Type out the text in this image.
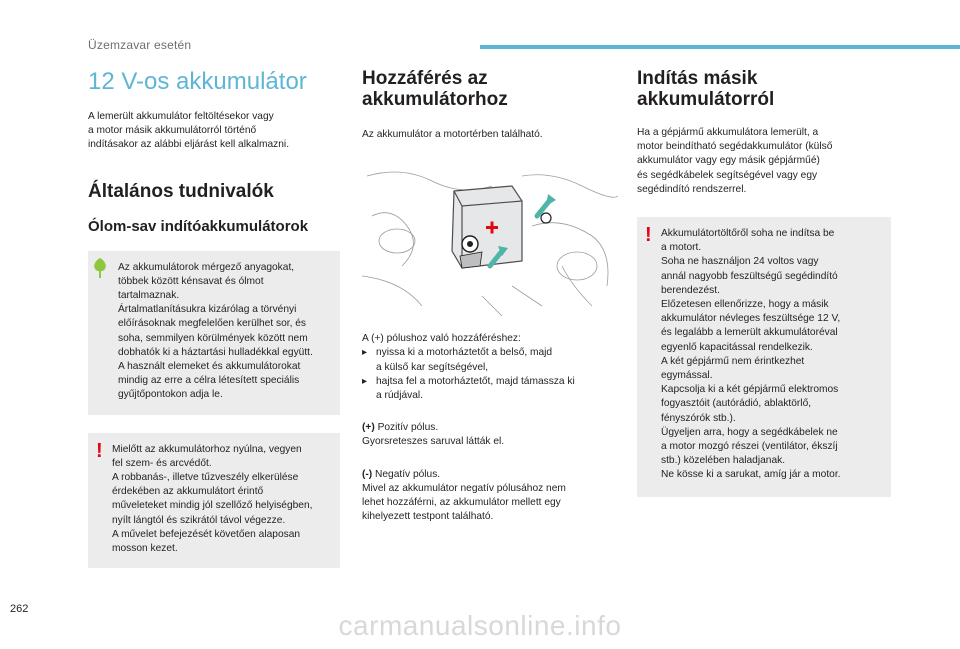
Üzemzavar esetén
12 V-os akkumulátor

A lemerült akkumulátor feltöltésekor vagy
a motor másik akkumulátorról történő
indításakor az alábbi eljárást kell alkalmazni.

Általános tudnivalók
Ólom-sav indítóakkumulátorok

Az akkumulátorok mérgező anyagokat,
többek között kénsavat és ólmot
tartalmaznak.
Ártalmatlanításukra kizárólag a törvényi
előírásoknak megfelelően kerülhet sor, és
soha, semmilyen körülmények között nem
dobhatók ki a háztartási hulladékkal együtt.
A használt elemeket és akkumulátorokat
mindig az erre a célra létesített speciális
gyűjtőpontokon adja le.

! Mielőtt az akkumulátorhoz nyúlna, vegyen
fel szem- és arcvédőt.
A robbanás-, illetve tűzveszély elkerülése
érdekében az akkumulátort érintő
műveleteket mindig jól szellőző helyiségben,
nyílt lángtól és szikrától távol végezze.
A művelet befejezését követően alaposan
mosson kezet.

Hozzáférés az akkumulátorhoz

Az akkumulátor a motortérben található.

A (+) pólushoz való hozzáféréshez:

▸ nyissa ki a motorháztetőt a belső, majd
a külső kar segítségével,
▸ hajtsa fel a motorháztetőt, majd támassza ki
a rúdjával.

(+) Pozitív pólus.
Gyorsreteszes saruval látták el.

(-) Negatív pólus.
Mivel az akkumulátor negatív pólusához nem
lehet hozzáférni, az akkumulátor mellett egy
kihelyezett testpont található.

Indítás másik
akkumulátorról

Ha a gépjármű akkumulátora lemerült, a
motor beindítható segédakkumulátor (külső
akkumulátor vagy egy másik gépjárműé)
és segédkábelek segítségével vagy egy
segédindító rendszerrel.

! Akkumulátortöltőről soha ne indítsa be
a motort.
Soha ne használjon 24 voltos vagy
annál nagyobb feszültségű segédindító
berendezést.
Előzetesen ellenőrizze, hogy a másik
akkumulátor névleges feszültsége 12 V,
és legalább a lemerült akkumulátoréval
egyenlő kapacitással rendelkezik.
A két gépjármű nem érintkezhet
egymással.
Kapcsolja ki a két gépjármű elektromos
fogyasztóit (autórádió, ablaktörlő,
fényszórók stb.).
Ügyeljen arra, hogy a segédkábelek ne
a motor mozgó részei (ventilátor, ékszíj
stb.) közelében haladjanak.
Ne kösse ki a sarukat, amíg jár a motor.

262
carmanualsonline.info
